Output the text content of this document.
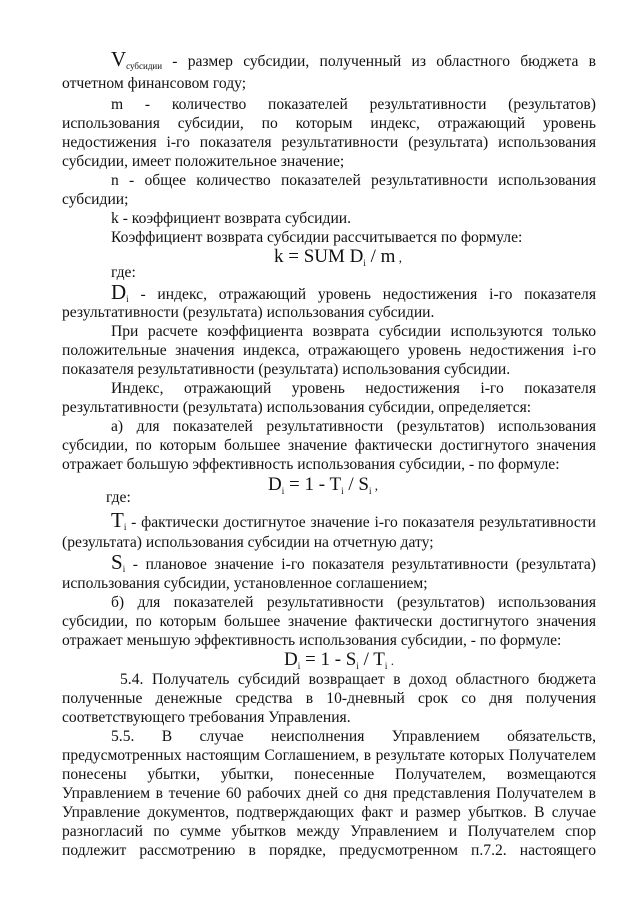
Vсубсидии - размер субсидии, полученный из областного бюджета в
отчетном финансовом году;
m - количество показателей результативности (результатов)
использования субсидии, по которым индекс, отражающий уровень
недостижения i-го показателя результативности (результата) использования
субсидии, имеет положительное значение;
n - общее количество показателей результативности использования
субсидии;
k - коэффициент возврата субсидии.
Коэффициент возврата субсидии рассчитывается по формуле:
k = SUM $D_i$ / m ,
где:
Di - индекс, отражающий уровень недостижения i-го показателя
результативности (результата) использования субсидии.
При расчете коэффициента возврата субсидии используются только
положительные значения индекса, отражающего уровень недостижения i-го
показателя результативности (результата) использования субсидии.
Индекс, отражающий уровень недостижения i-го показателя
результативности (результата) использования субсидии, определяется:
а) для показателей результативности (результатов) использования
субсидии, по которым большее значение фактически достигнутого значения
отражает большую эффективность использования субсидии, - по формуле:
$D_i = 1 - T_i / S_i$ ,
где:
Ti - фактически достигнутое значение i-го показателя результативности
(результата) использования субсидии на отчетную дату;
Si - плановое значение i-го показателя результативности (результата)
использования субсидии, установленное соглашением;
б) для показателей результативности (результатов) использования
субсидии, по которым большее значение фактически достигнутого значения
отражает меньшую эффективность использования субсидии, - по формуле:
$D_i = 1 - S_i / T_i$ .
5.4. Получатель субсидий возвращает в доход областного бюджета
полученные денежные средства в 10-дневный срок со дня получения
соответствующего требования Управления.
5.5. В случае неисполнения Управлением обязательств,
предусмотренных настоящим Соглашением, в результате которых Получателем
понесены убытки, убытки, понесенные Получателем, возмещаются
Управлением в течение 60 рабочих дней со дня представления Получателем в
Управление документов, подтверждающих факт и размер убытков. В случае
разногласий по сумме убытков между Управлением и Получателем спор
подлежит рассмотрению в порядке, предусмотренном п.7.2. настоящего
